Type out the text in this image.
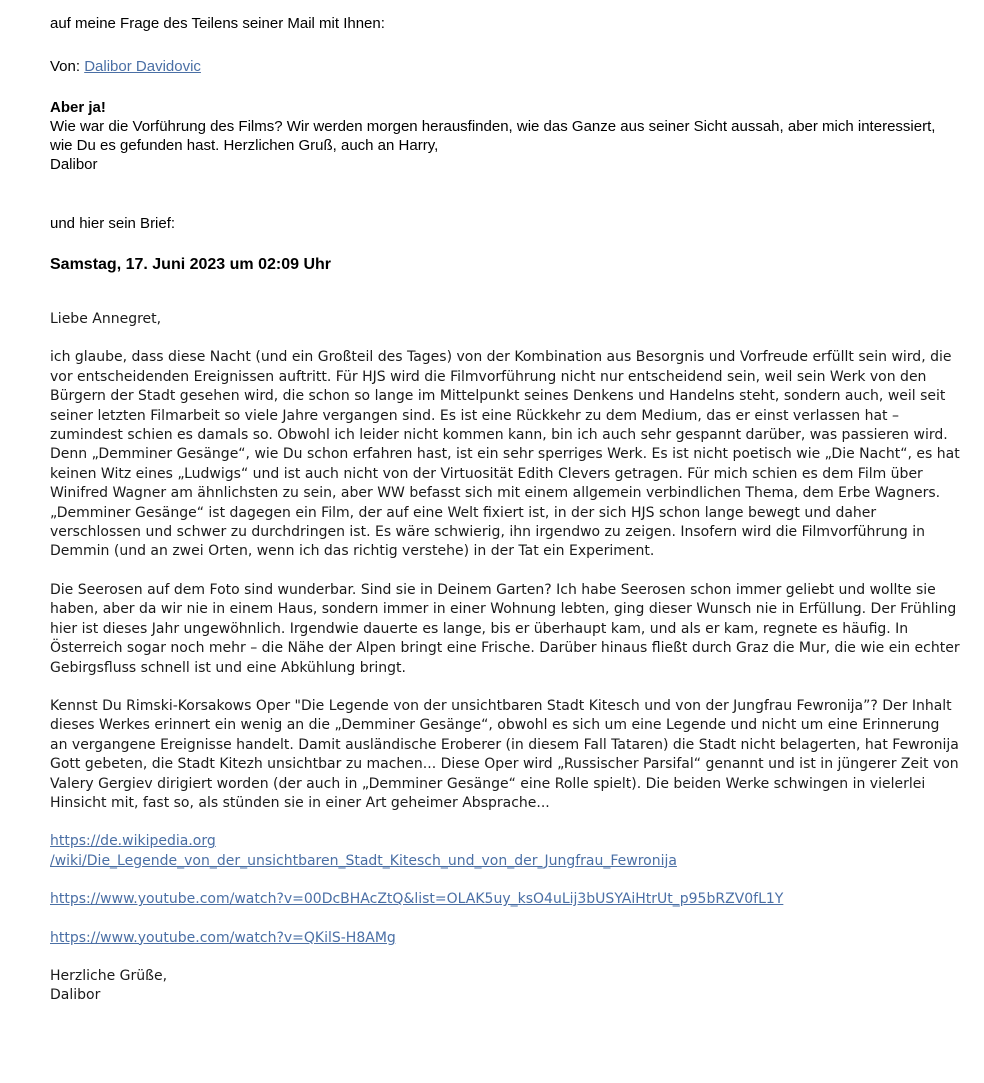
auf meine Frage des Teilens seiner Mail mit Ihnen:

Von: Dalibor Davidovic

Aber ja!

Wie war die Vorführung des Films? Wir werden morgen herausfinden, wie das Ganze aus seiner Sicht aussah, aber mich interessiert, wie Du es gefunden hast. Herzlichen Gruß, auch an Harry,

Dalibor

und hier sein Brief:

Samstag, 17. Juni 2023 um 02:09 Uhr

Liebe Annegret,

ich glaube, dass diese Nacht (und ein Großteil des Tages) von der Kombination aus Besorgnis und Vorfreude erfüllt sein wird, die vor entscheidenden Ereignissen auftritt. Für HJS wird die Filmvorführung nicht nur entscheidend sein, weil sein Werk von den Bürgern der Stadt gesehen wird, die schon so lange im Mittelpunkt seines Denkens und Handelns steht, sondern auch, weil seit seiner letzten Filmarbeit so viele Jahre vergangen sind. Es ist eine Rückkehr zu dem Medium, das er einst verlassen hat – zumindest schien es damals so. Obwohl ich leider nicht kommen kann, bin ich auch sehr gespannt darüber, was passieren wird. Denn „Demminer Gesänge“, wie Du schon erfahren hast, ist ein sehr sperriges Werk. Es ist nicht poetisch wie „Die Nacht“, es hat keinen Witz eines „Ludwigs“ und ist auch nicht von der Virtuosität Edith Clevers getragen. Für mich schien es dem Film über Winifred Wagner am ähnlichsten zu sein, aber WW befasst sich mit einem allgemein verbindlichen Thema, dem Erbe Wagners. „Demminer Gesänge“ ist dagegen ein Film, der auf eine Welt fixiert ist, in der sich HJS schon lange bewegt und daher verschlossen und schwer zu durchdringen ist. Es wäre schwierig, ihn irgendwo zu zeigen. Insofern wird die Filmvorführung in Demmin (und an zwei Orten, wenn ich das richtig verstehe) in der Tat ein Experiment.

Die Seerosen auf dem Foto sind wunderbar. Sind sie in Deinem Garten? Ich habe Seerosen schon immer geliebt und wollte sie haben, aber da wir nie in einem Haus, sondern immer in einer Wohnung lebten, ging dieser Wunsch nie in Erfüllung. Der Frühling hier ist dieses Jahr ungewöhnlich. Irgendwie dauerte es lange, bis er überhaupt kam, und als er kam, regnete es häufig. In Österreich sogar noch mehr – die Nähe der Alpen bringt eine Frische. Darüber hinaus fließt durch Graz die Mur, die wie ein echter Gebirgsfluss schnell ist und eine Abkühlung bringt.

Kennst Du Rimski-Korsakows Oper "Die Legende von der unsichtbaren Stadt Kitesch und von der Jungfrau Fewronija”? Der Inhalt dieses Werkes erinnert ein wenig an die „Demminer Gesänge“, obwohl es sich um eine Legende und nicht um eine Erinnerung an vergangene Ereignisse handelt. Damit ausländische Eroberer (in diesem Fall Tataren) die Stadt nicht belagerten, hat Fewronija Gott gebeten, die Stadt Kitezh unsichtbar zu machen... Diese Oper wird „Russischer Parsifal“ genannt und ist in jüngerer Zeit von Valery Gergiev dirigiert worden (der auch in „Demminer Gesänge“ eine Rolle spielt). Die beiden Werke schwingen in vielerlei Hinsicht mit, fast so, als stünden sie in einer Art geheimer Absprache...

https://de.wikipedia.org
/wiki/Die_Legende_von_der_unsichtbaren_Stadt_Kitesch_und_von_der_Jungfrau_Fewronija

https://www.youtube.com/watch?v=00DcBHAcZtQ&list=OLAK5uy_ksO4uLij3bUSYAiHtrUt_p95bRZV0fL1Y

https://www.youtube.com/watch?v=QKilS-H8AMg

Herzliche Grüße,
Dalibor
